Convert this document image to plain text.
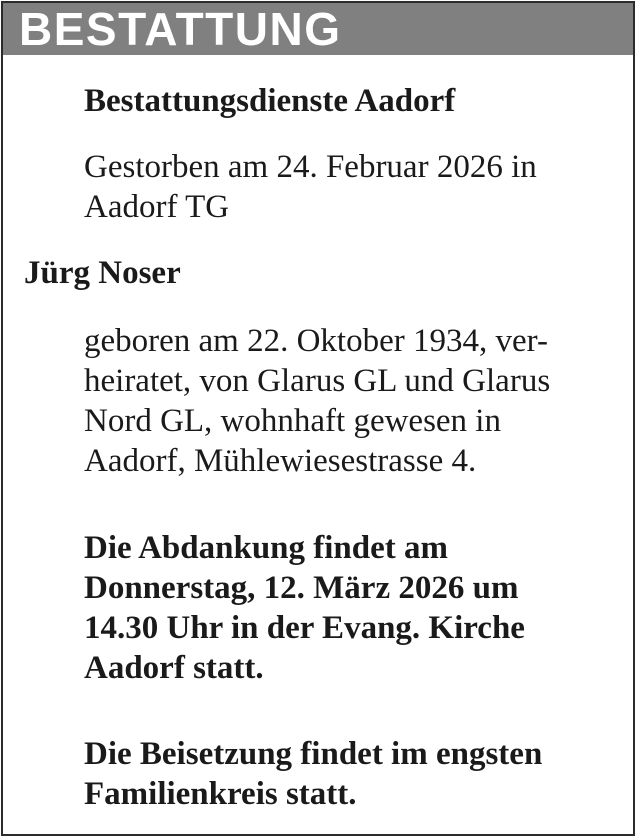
BESTATTUNG

Bestattungsdienste Aadorf

Gestorben am 24. Februar 2026 in
Aadorf TG

Jürg Noser

geboren am 22. Oktober 1934, ver-
heiratet, von Glarus GL und Glarus
Nord GL, wohnhaft gewesen in
Aadorf, Mühlewiesestrasse 4.

Die Abdankung findet am
Donnerstag, 12. März 2026 um
14.30 Uhr in der Evang. Kirche
Aadorf statt.

Die Beisetzung findet im engsten
Familienkreis statt.
